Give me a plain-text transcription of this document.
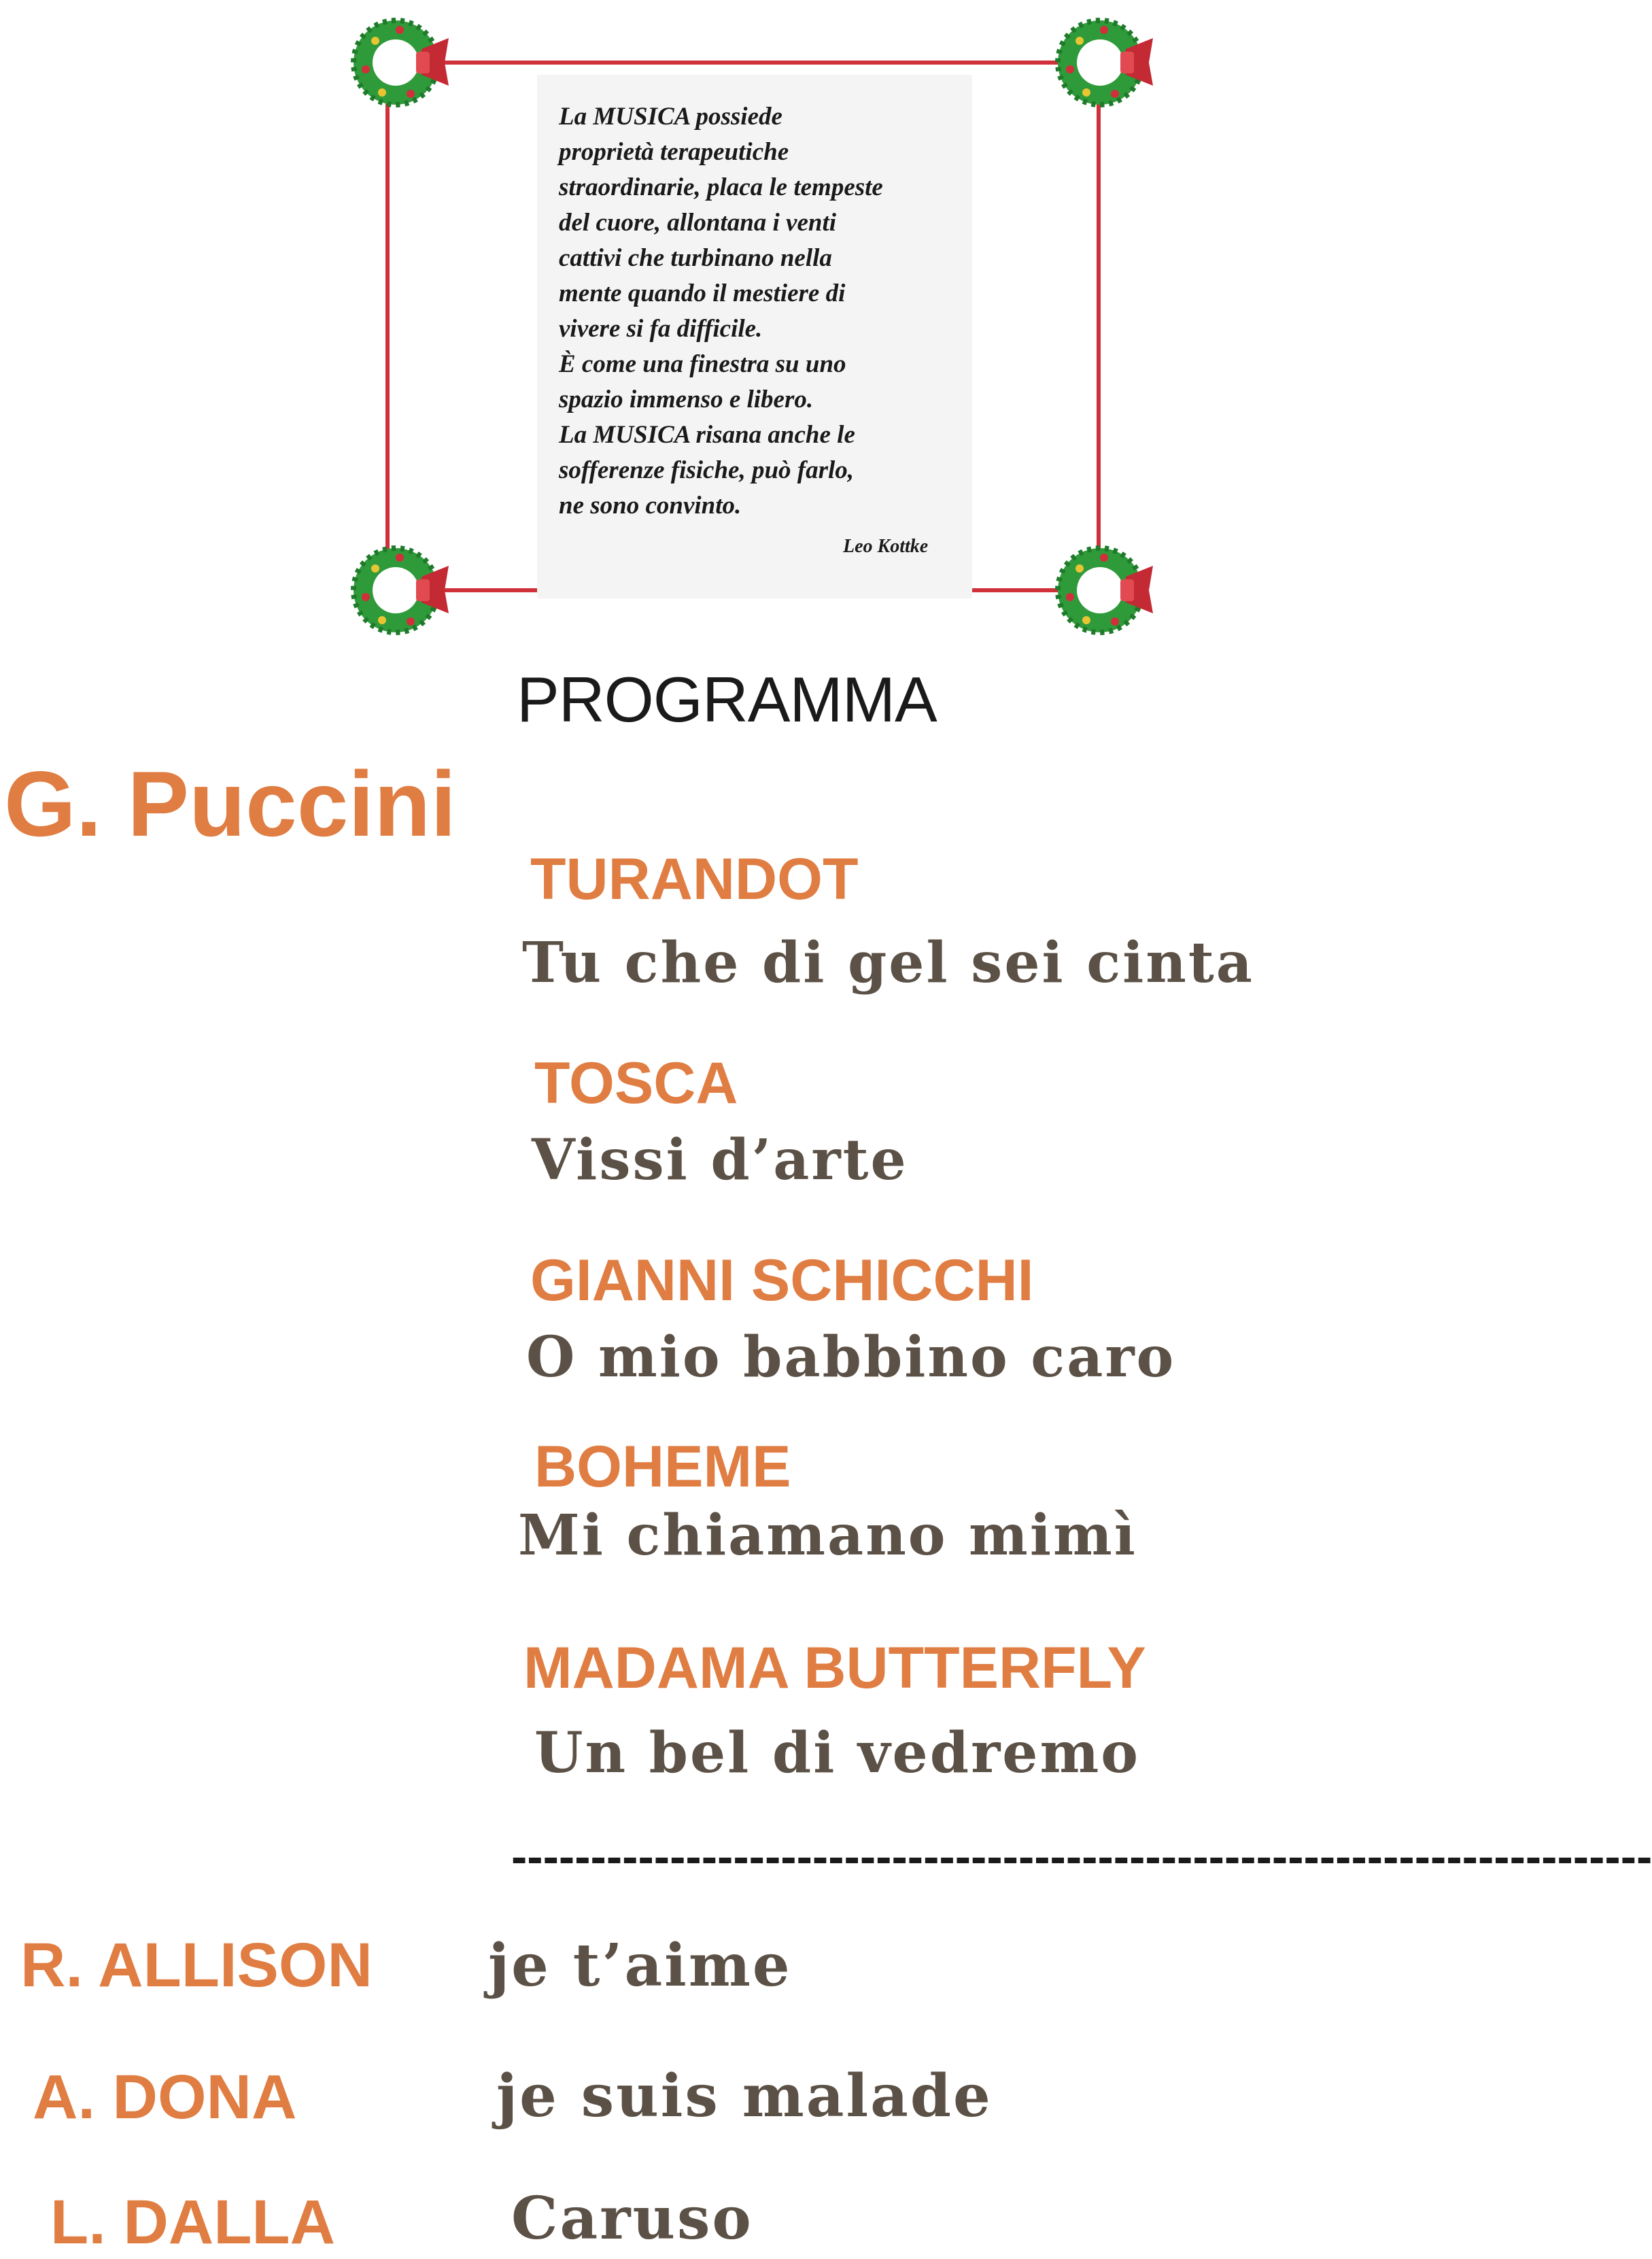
La MUSICA possiede
proprietà terapeutiche
straordinarie, placa le tempeste
del cuore, allontana i venti
cattivi che turbinano nella
mente quando il mestiere di
vivere si fa difficile.
È come una finestra su uno
spazio immenso e libero.
La MUSICA risana anche le
sofferenze fisiche, può farlo,
ne sono convinto.
Leo Kottke
PROGRAMMA
G. Puccini
TURANDOT
Tu che di gel sei cinta
TOSCA
Vissi d’arte
GIANNI SCHICCHI
O mio babbino caro
BOHEME
Mi chiamano mimì
MADAMA BUTTERFLY
Un bel di vedremo
------------------------------------------------------------------------
R. ALLISON je t’aime
A. DONA	je suis malade
L. DALLA	Caruso
